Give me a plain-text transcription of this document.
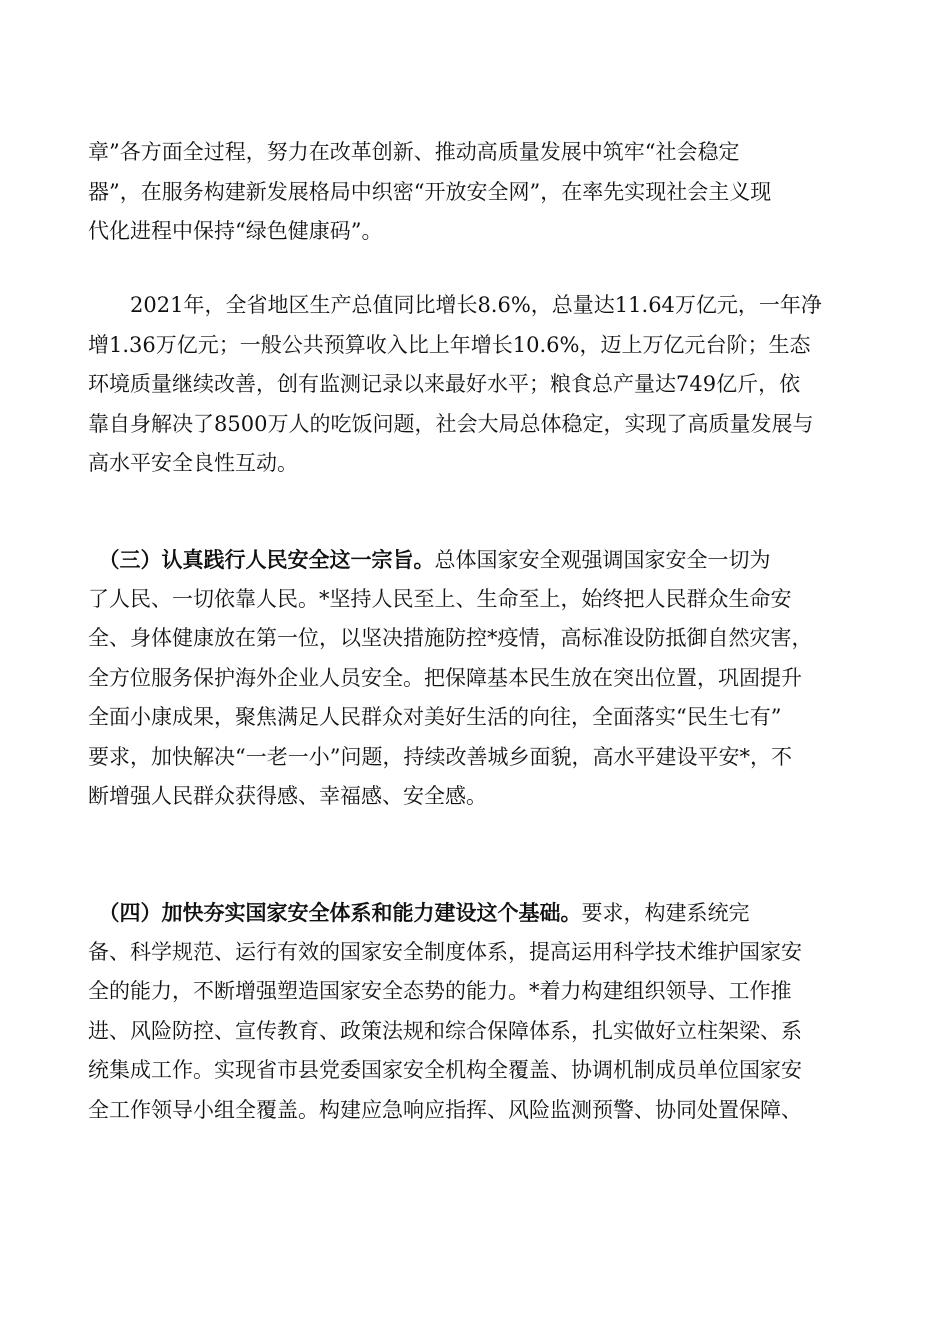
章”各方面全过程，努力在改革创新、推动高质量发展中筑牢“社会稳定
器”，在服务构建新发展格局中织密“开放安全网”，在率先实现社会主义现
代化进程中保持“绿色健康码”。
　　2021年，全省地区生产总值同比增长8.6%，总量达11.64万亿元，一年净
增1.36万亿元；一般公共预算收入比上年增长10.6%，迈上万亿元台阶；生态
环境质量继续改善，创有监测记录以来最好水平；粮食总产量达749亿斤，依
靠自身解决了8500万人的吃饭问题，社会大局总体稳定，实现了高质量发展与
高水平安全良性互动。
　（三）认真践行人民安全这一宗旨。总体国家安全观强调国家安全一切为
了人民、一切依靠人民。*坚持人民至上、生命至上，始终把人民群众生命安
全、身体健康放在第一位，以坚决措施防控*疫情，高标准设防抵御自然灾害，
全方位服务保护海外企业人员安全。把保障基本民生放在突出位置，巩固提升
全面小康成果，聚焦满足人民群众对美好生活的向往，全面落实“民生七有”
要求，加快解决“一老一小”问题，持续改善城乡面貌，高水平建设平安*，不
断增强人民群众获得感、幸福感、安全感。
　（四）加快夯实国家安全体系和能力建设这个基础。要求，构建系统完
备、科学规范、运行有效的国家安全制度体系，提高运用科学技术维护国家安
全的能力，不断增强塑造国家安全态势的能力。*着力构建组织领导、工作推
进、风险防控、宣传教育、政策法规和综合保障体系，扎实做好立柱架梁、系
统集成工作。实现省市县党委国家安全机构全覆盖、协调机制成员单位国家安
全工作领导小组全覆盖。构建应急响应指挥、风险监测预警、协同处置保障、
